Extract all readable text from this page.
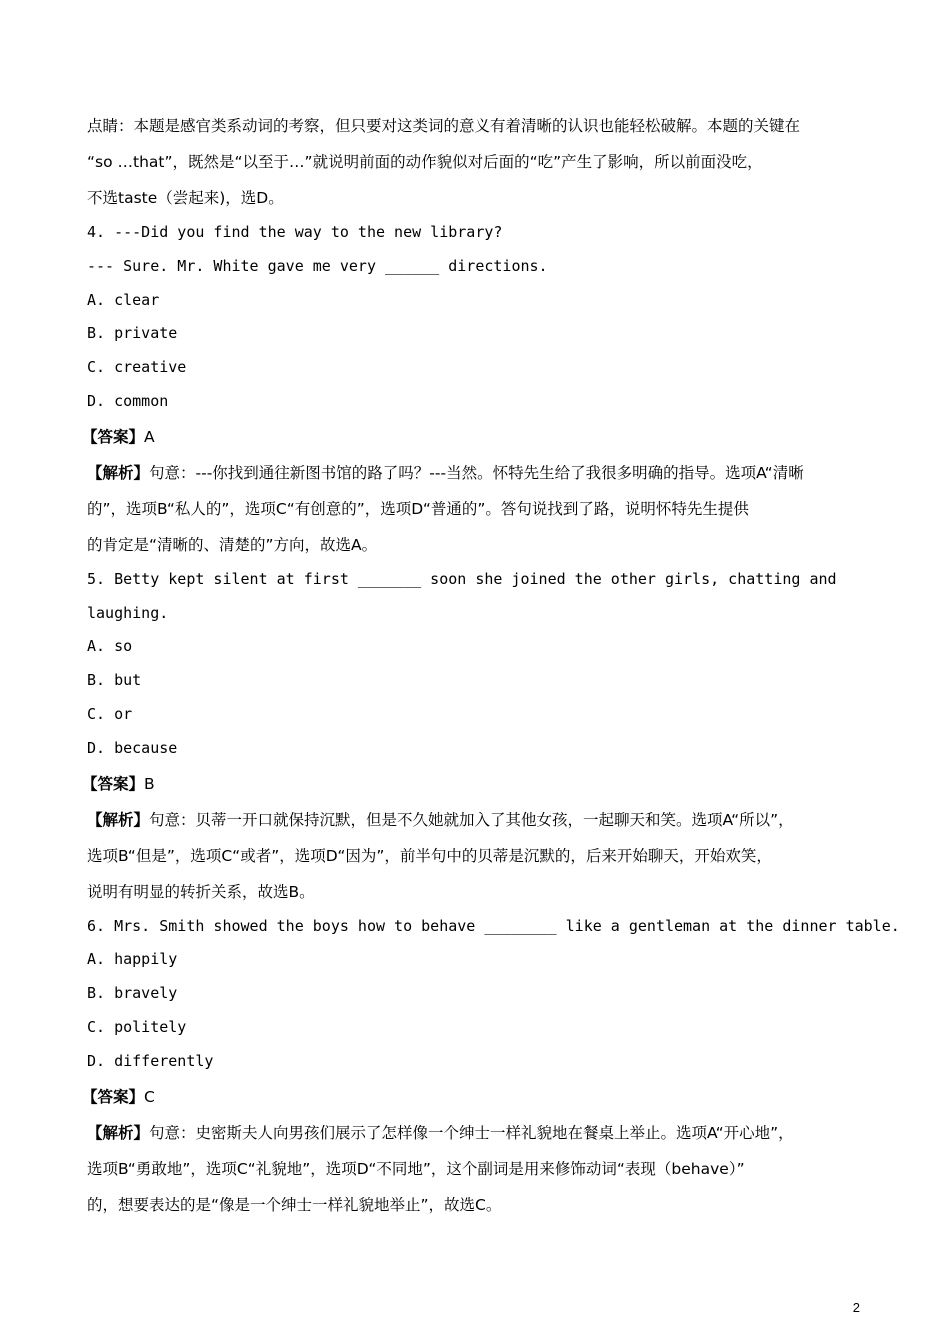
点睛：本题是感官类系动词的考察，但只要对这类词的意义有着清晰的认识也能轻松破解。本题的关键在
“so …that”，既然是“以至于…”就说明前面的动作貌似对后面的“吃”产生了影响，所以前面没吃，
不选taste（尝起来)，选D。
4. ---Did you find the way to the new library?
--- Sure. Mr. White gave me very ______ directions.
A. clear
B. private
C. creative
D. common
【答案】A
【解析】句意：---你找到通往新图书馆的路了吗？---当然。怀特先生给了我很多明确的指导。选项A“清晰
的”，选项B“私人的”，选项C“有创意的”，选项D“普通的”。答句说找到了路，说明怀特先生提供
的肯定是“清晰的、清楚的”方向，故选A。
5. Betty kept silent at first _______ soon she joined the other girls, chatting and
laughing.
A. so
B. but
C. or
D. because
【答案】B
【解析】句意：贝蒂一开口就保持沉默，但是不久她就加入了其他女孩，一起聊天和笑。选项A“所以”，
选项B“但是”，选项C“或者”，选项D“因为”，前半句中的贝蒂是沉默的，后来开始聊天，开始欢笑，
说明有明显的转折关系，故选B。
6. Mrs. Smith showed the boys how to behave ________ like a gentleman at the dinner table.
A. happily
B. bravely
C. politely
D. differently
【答案】C
【解析】句意：史密斯夫人向男孩们展示了怎样像一个绅士一样礼貌地在餐桌上举止。选项A“开心地”，
选项B“勇敢地”，选项C“礼貌地”，选项D“不同地”，这个副词是用来修饰动词“表现（behave）”
的，想要表达的是“像是一个绅士一样礼貌地举止”，故选C。
2
